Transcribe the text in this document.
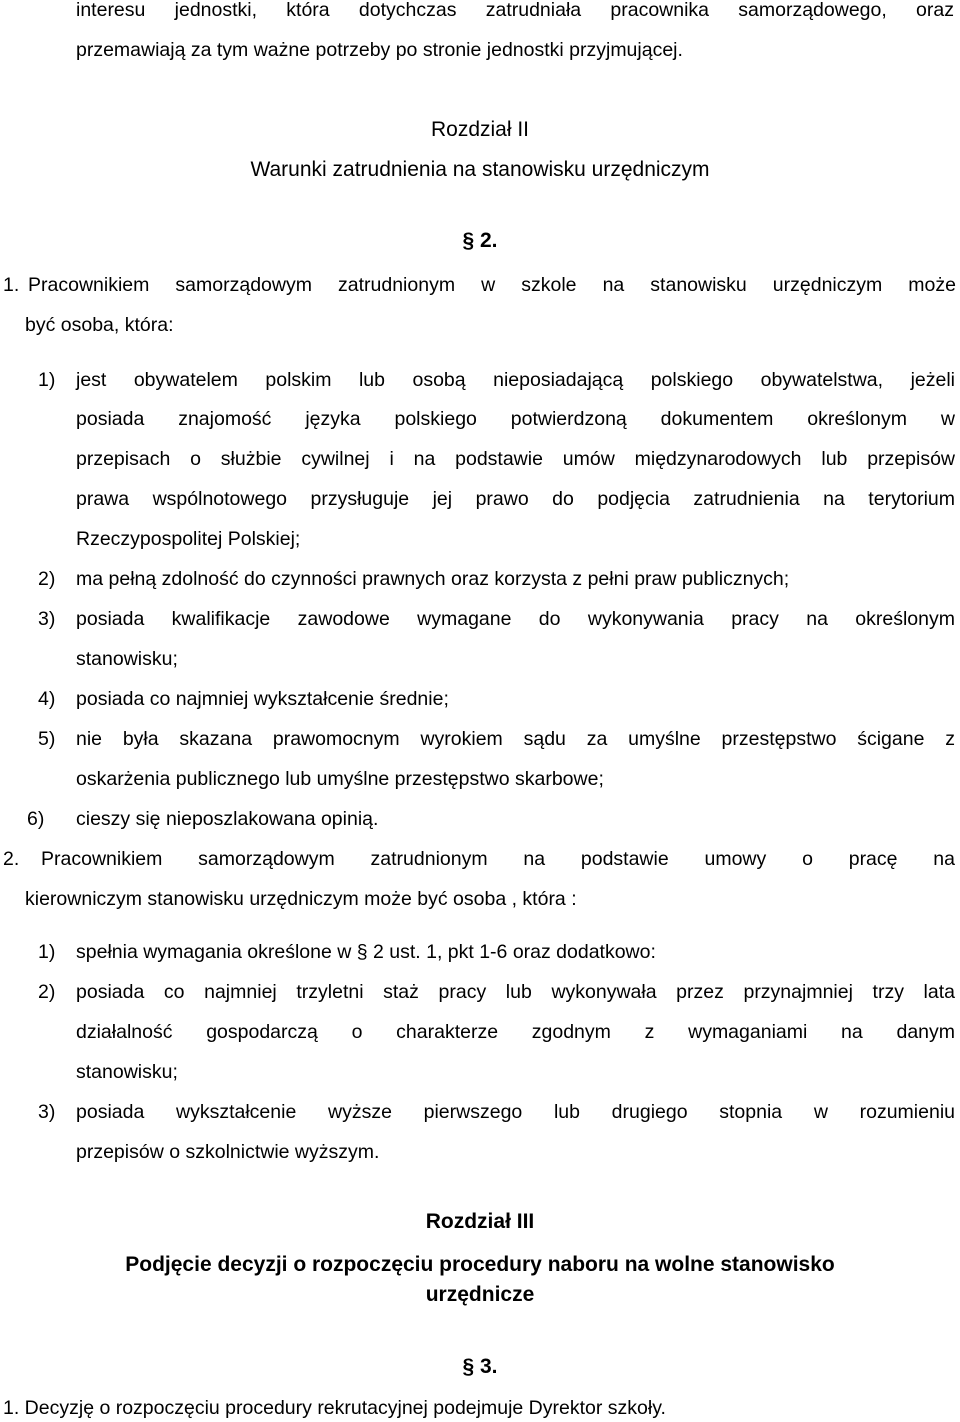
interesu jednostki, która dotychczas zatrudniała pracownika samorządowego, oraz
przemawiają za tym ważne potrzeby po stronie jednostki przyjmującej.
Rozdział II
Warunki zatrudnienia na stanowisku urzędniczym
§ 2.
1. Pracownikiem samorządowym zatrudnionym w szkole na stanowisku urzędniczym może
być osoba, która:
1) jest obywatelem polskim lub osobą nieposiadającą polskiego obywatelstwa, jeżeli
posiada znajomość języka polskiego potwierdzoną dokumentem określonym w
przepisach o służbie cywilnej i na podstawie umów międzynarodowych lub przepisów
prawa wspólnotowego przysługuje jej prawo do podjęcia zatrudnienia na terytorium
Rzeczypospolitej Polskiej;
2) ma pełną zdolność do czynności prawnych oraz korzysta z pełni praw publicznych;
3) posiada kwalifikacje zawodowe wymagane do wykonywania pracy na określonym
stanowisku;
4) posiada co najmniej wykształcenie średnie;
5) nie była skazana prawomocnym wyrokiem sądu za umyślne przestępstwo ścigane z
oskarżenia publicznego lub umyślne przestępstwo skarbowe;
6) cieszy się nieposzlakowana opinią.
2. Pracownikiem samorządowym zatrudnionym na podstawie umowy o pracę na
kierowniczym stanowisku urzędniczym może być osoba , która :
1) spełnia wymagania określone w § 2 ust. 1, pkt 1-6 oraz dodatkowo:
2) posiada co najmniej trzyletni staż pracy lub wykonywała przez przynajmniej trzy lata
działalność gospodarczą o charakterze zgodnym z wymaganiami na danym
stanowisku;
3) posiada wykształcenie wyższe pierwszego lub drugiego stopnia w rozumieniu
przepisów o szkolnictwie wyższym.
Rozdział III
Podjęcie decyzji o rozpoczęciu procedury naboru na wolne stanowisko
urzędnicze
§ 3.
1. Decyzję o rozpoczęciu procedury rekrutacyjnej podejmuje Dyrektor szkoły.
